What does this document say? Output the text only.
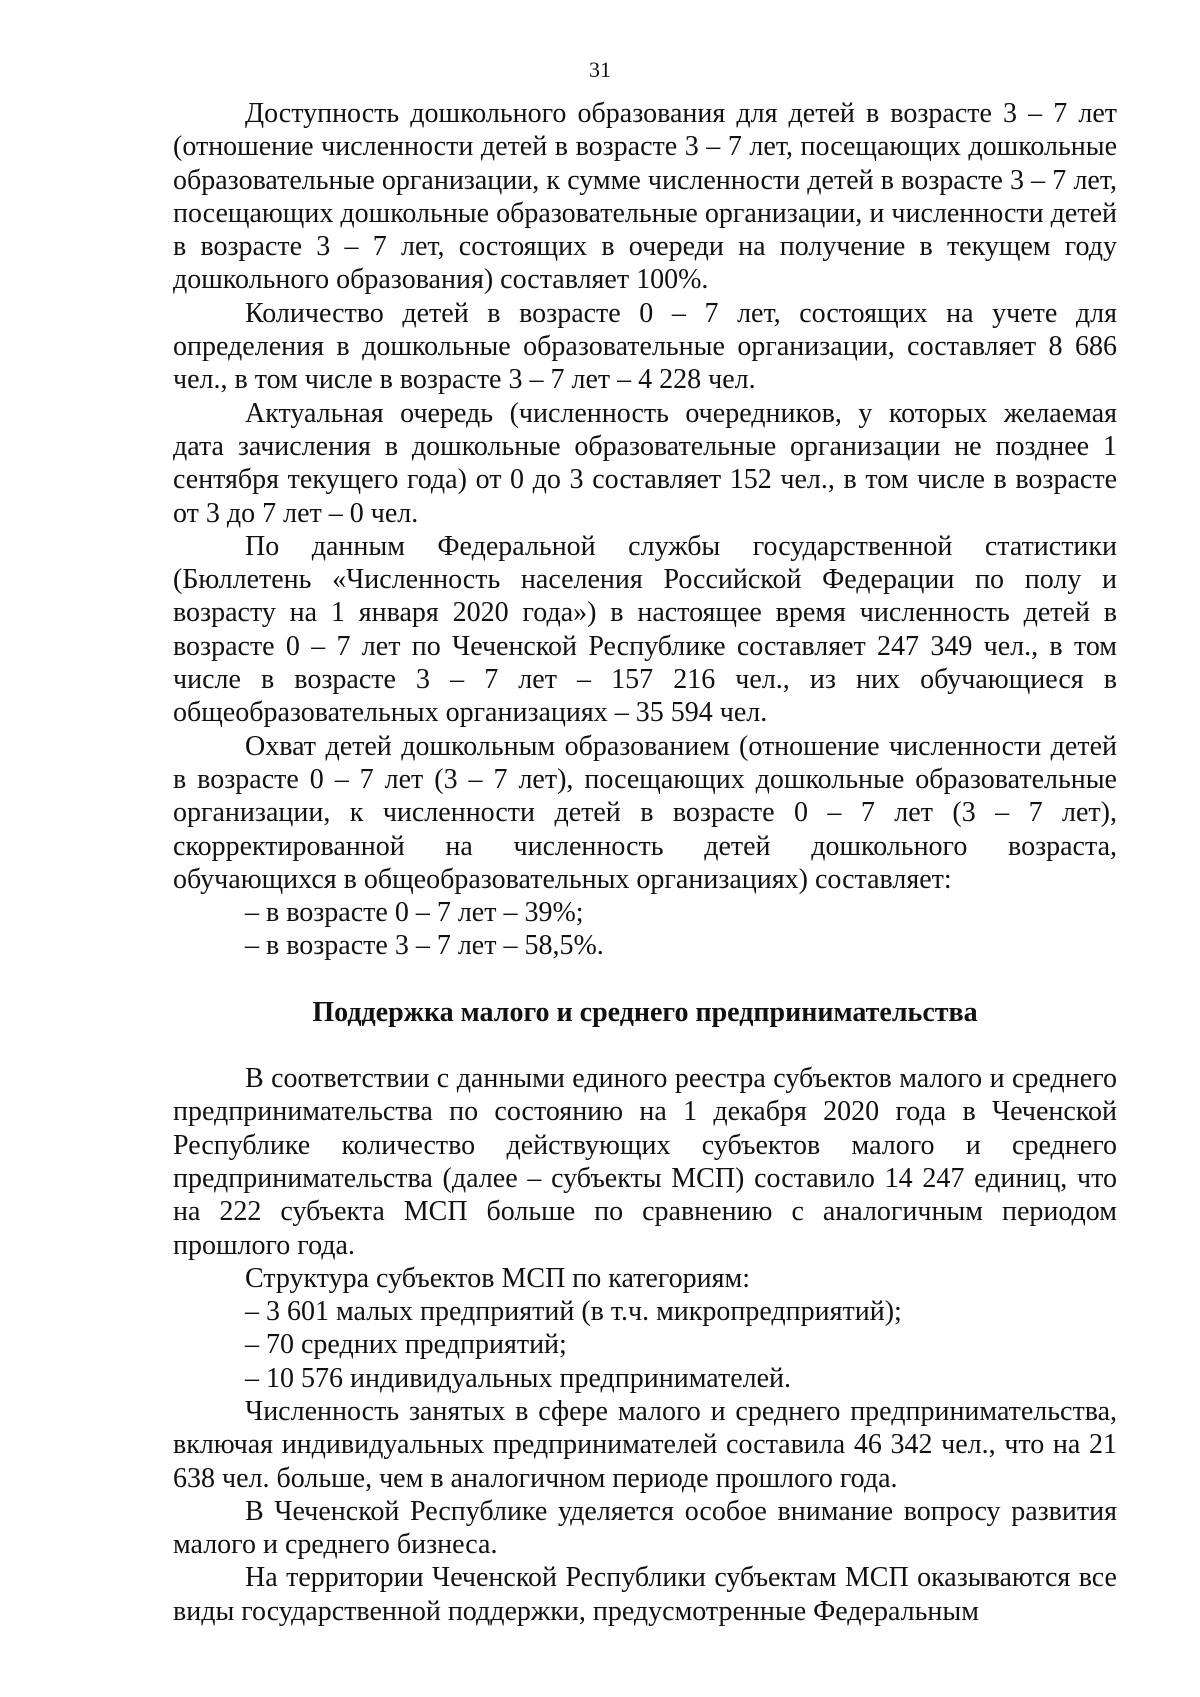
31

Доступность дошкольного образования для детей в возрасте 3 – 7 лет (отношение численности детей в возрасте 3 – 7 лет, посещающих дошкольные образовательные организации, к сумме численности детей в возрасте 3 – 7 лет, посещающих дошкольные образовательные организации, и численности детей в возрасте 3 – 7 лет, состоящих в очереди на получение в текущем году дошкольного образования) составляет 100%.

Количество детей в возрасте 0 – 7 лет, состоящих на учете для определения в дошкольные образовательные организации, составляет 8 686 чел., в том числе в возрасте 3 – 7 лет – 4 228 чел.

Актуальная очередь (численность очередников, у которых желаемая дата зачисления в дошкольные образовательные организации не позднее 1 сентября текущего года) от 0 до 3 составляет 152 чел., в том числе в возрасте от 3 до 7 лет – 0 чел.

По данным Федеральной службы государственной статистики (Бюллетень «Численность населения Российской Федерации по полу и возрасту на 1 января 2020 года») в настоящее время численность детей в возрасте 0 – 7 лет по Чеченской Республике составляет 247 349 чел., в том числе в возрасте 3 – 7 лет – 157 216 чел., из них обучающиеся в общеобразовательных организациях – 35 594 чел.

Охват детей дошкольным образованием (отношение численности детей в возрасте 0 – 7 лет (3 – 7 лет), посещающих дошкольные образовательные организации, к численности детей в возрасте 0 – 7 лет (3 – 7 лет), скорректированной на численность детей дошкольного возраста, обучающихся в общеобразовательных организациях) составляет:

– в возрасте 0 – 7 лет – 39%;

– в возрасте 3 – 7 лет – 58,5%.

Поддержка малого и среднего предпринимательства

В соответствии с данными единого реестра субъектов малого и среднего предпринимательства по состоянию на 1 декабря 2020 года в Чеченской Республике количество действующих субъектов малого и среднего предпринимательства (далее – субъекты МСП) составило 14 247 единиц, что на 222 субъекта МСП больше по сравнению с аналогичным периодом прошлого года.

Структура субъектов МСП по категориям:

– 3 601 малых предприятий (в т.ч. микропредприятий);

– 70 средних предприятий;

– 10 576 индивидуальных предпринимателей.

Численность занятых в сфере малого и среднего предпринимательства, включая индивидуальных предпринимателей составила 46 342 чел., что на 21 638 чел. больше, чем в аналогичном периоде прошлого года.

В Чеченской Республике уделяется особое внимание вопросу развития малого и среднего бизнеса.

На территории Чеченской Республики субъектам МСП оказываются все виды государственной поддержки, предусмотренные Федеральным
